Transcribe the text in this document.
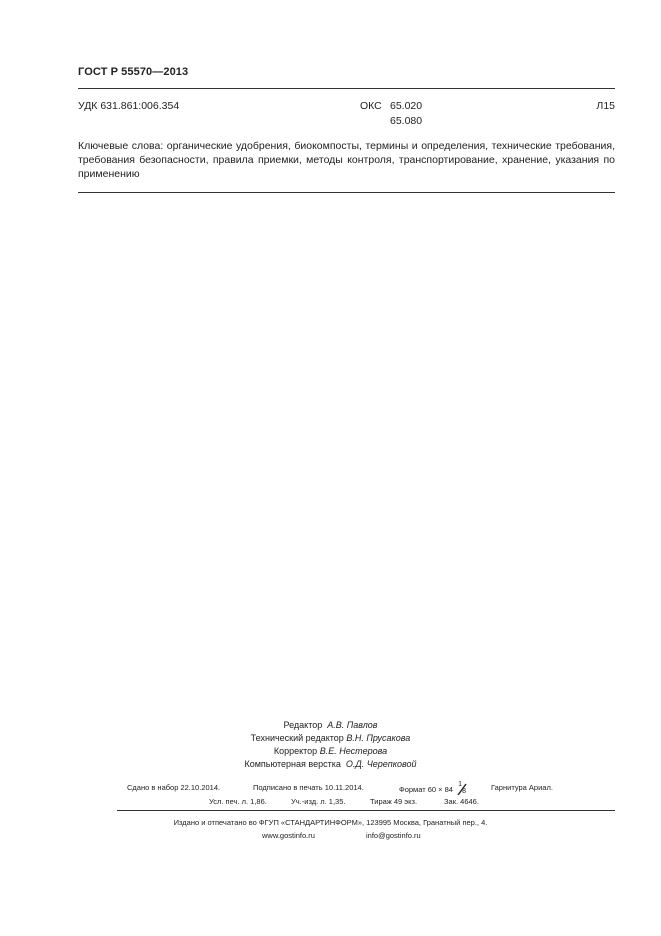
ГОСТ Р 55570—2013
УДК 631.861:006.354	ОКС 65.020
65.080
Л15
Ключевые слова: органические удобрения, биокомпосты, термины и определения, технические требования, требования безопасности, правила приемки, методы контроля, транспортирование, хранение, указания по применению
Редактор А.В. Павлов
Технический редактор В.Н. Прусакова
Корректор В.Е. Нестерова
Компьютерная верстка О.Д. Черепковой
Сдано в набор 22.10.2014.	Подписано в печать 10.11.2014.	Формат 60 × 84
1
8	Гарнитура Ариал.
Усл. печ. л. 1,86.	Уч.-изд. л. 1,35.	Тираж 49 экз.	Зак. 4646.
Издано и отпечатано во ФГУП «СТАНДАРТИНФОРМ», 123995 Москва, Гранатный пер., 4.
www.gostinfo.ru	info@gostinfo.ru
